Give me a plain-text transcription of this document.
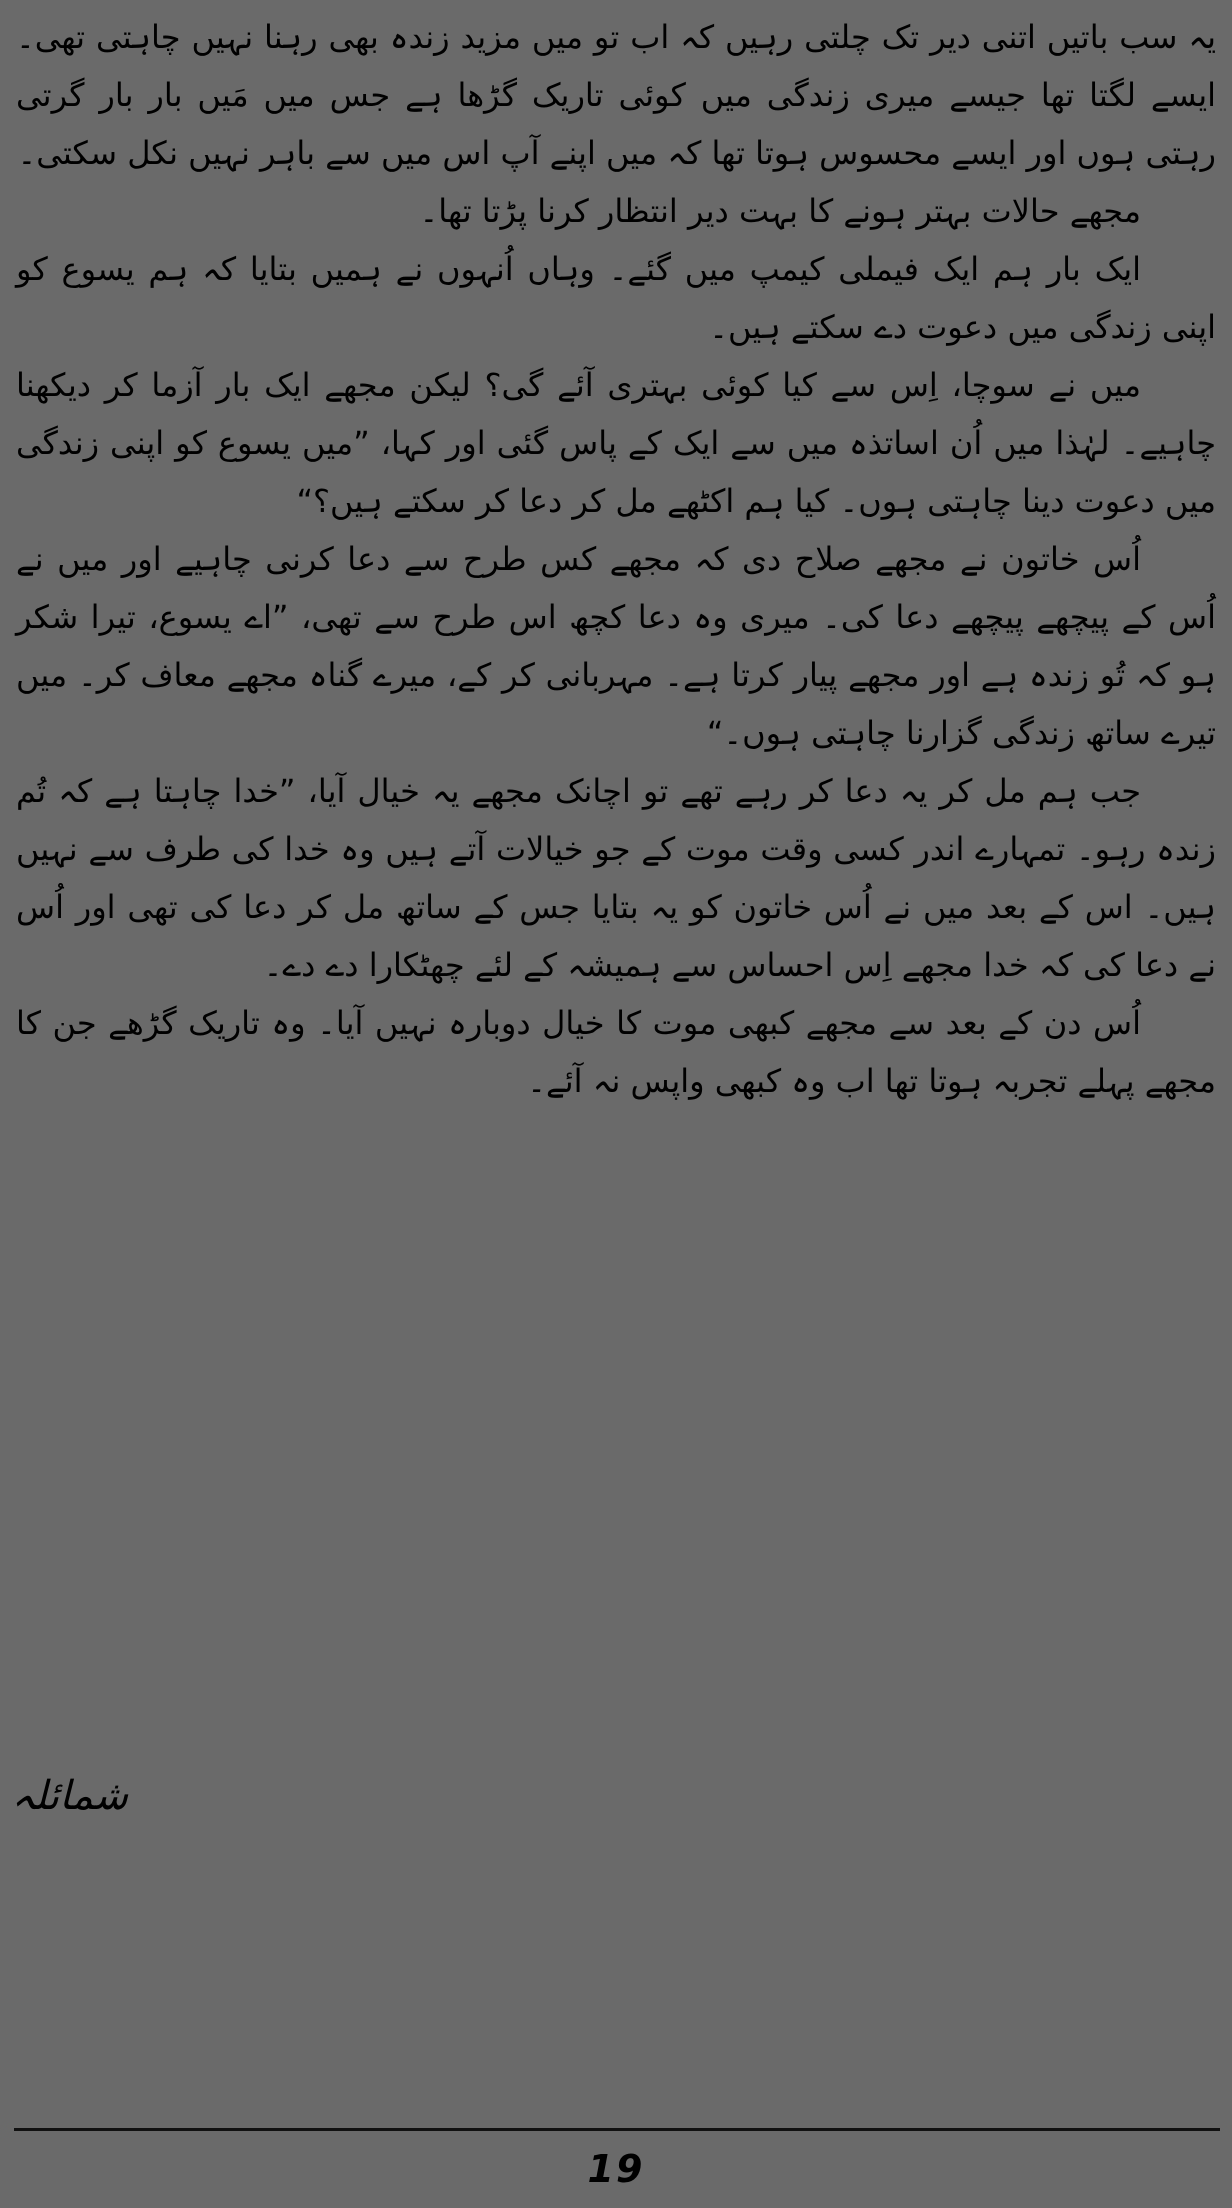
یہ سب باتیں اتنی دیر تک چلتی رہیں کہ اب تو میں مزید زندہ بھی رہنا نہیں چاہتی تھی۔ ایسے لگتا تھا جیسے میری زندگی میں کوئی تاریک گڑھا ہے جس میں مَیں بار بار گرتی رہتی ہوں اور ایسے محسوس ہوتا تھا کہ میں اپنے آپ اس میں سے باہر نہیں نکل سکتی۔

مجھے حالات بہتر ہونے کا بہت دیر انتظار کرنا پڑتا تھا۔

ایک بار ہم ایک فیملی کیمپ میں گئے۔ وہاں اُنہوں نے ہمیں بتایا کہ ہم یسوع کو اپنی زندگی میں دعوت دے سکتے ہیں۔

میں نے سوچا، اِس سے کیا کوئی بہتری آئے گی؟ لیکن مجھے ایک بار آزما کر دیکھنا چاہیے۔ لہٰذا میں اُن اساتذہ میں سے ایک کے پاس گئی اور کہا، ”میں یسوع کو اپنی زندگی میں دعوت دینا چاہتی ہوں۔ کیا ہم اکٹھے مل کر دعا کر سکتے ہیں؟“

اُس خاتون نے مجھے صلاح دی کہ مجھے کس طرح سے دعا کرنی چاہیے اور میں نے اُس کے پیچھے پیچھے دعا کی۔ میری وہ دعا کچھ اس طرح سے تھی، ”اے یسوع، تیرا شکر ہو کہ تُو زندہ ہے اور مجھے پیار کرتا ہے۔ مہربانی کر کے، میرے گناہ مجھے معاف کر۔ میں تیرے ساتھ زندگی گزارنا چاہتی ہوں۔“

جب ہم مل کر یہ دعا کر رہے تھے تو اچانک مجھے یہ خیال آیا، ”خدا چاہتا ہے کہ تُم زندہ رہو۔ تمہارے اندر کسی وقت موت کے جو خیالات آتے ہیں وہ خدا کی طرف سے نہیں ہیں۔ اس کے بعد میں نے اُس خاتون کو یہ بتایا جس کے ساتھ مل کر دعا کی تھی اور اُس نے دعا کی کہ خدا مجھے اِس احساس سے ہمیشہ کے لئے چھٹکارا دے دے۔

اُس دن کے بعد سے مجھے کبھی موت کا خیال دوبارہ نہیں آیا۔ وہ تاریک گڑھے جن کا مجھے پہلے تجربہ ہوتا تھا اب وہ کبھی واپس نہ آئے۔

شمائلہ
19
